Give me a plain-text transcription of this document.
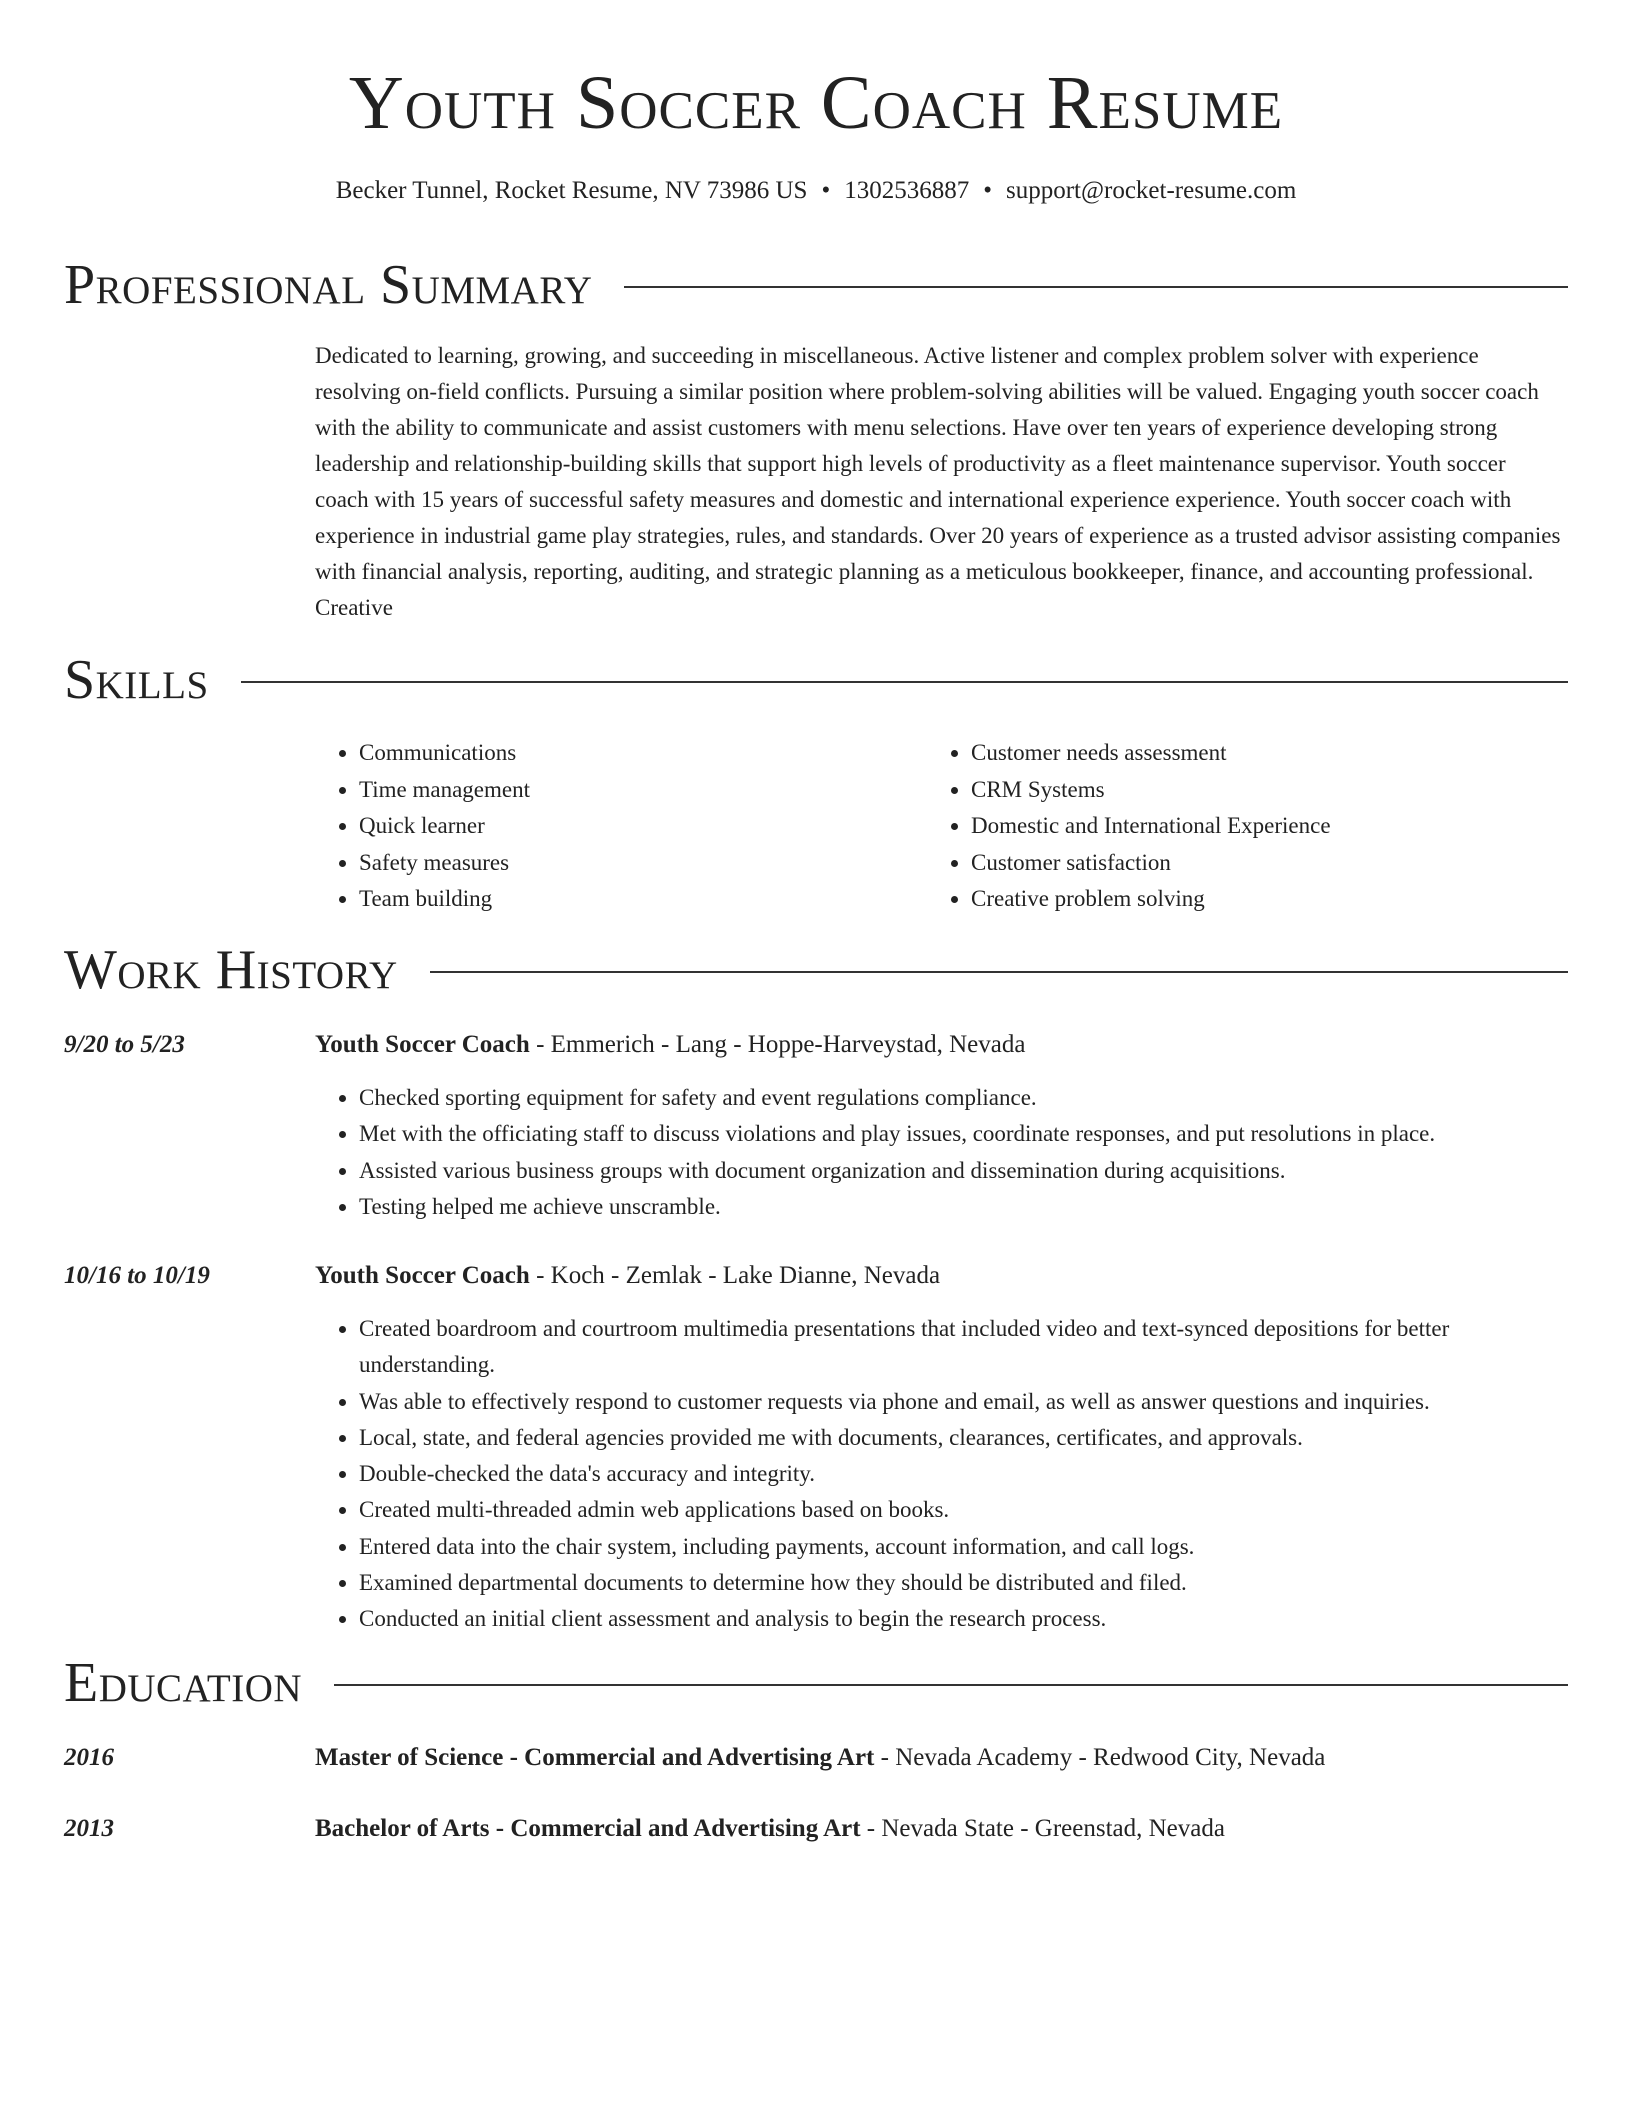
Youth Soccer Coach Resume
Becker Tunnel, Rocket Resume, NV 73986 US • 1302536887 • support@rocket-resume.com
Professional Summary

Dedicated to learning, growing, and succeeding in miscellaneous. Active listener and complex problem solver with experience resolving on-field conflicts. Pursuing a similar position where problem-solving abilities will be valued. Engaging youth soccer coach with the ability to communicate and assist customers with menu selections. Have over ten years of experience developing strong leadership and relationship-building skills that support high levels of productivity as a fleet maintenance supervisor. Youth soccer coach with 15 years of successful safety measures and domestic and international experience experience. Youth soccer coach with experience in industrial game play strategies, rules, and standards. Over 20 years of experience as a trusted advisor assisting companies with financial analysis, reporting, auditing, and strategic planning as a meticulous bookkeeper, finance, and accounting professional. Creative

Skills
• Communications
• Time management
• Quick learner
• Safety measures
• Team building
• Customer needs assessment
• CRM Systems
• Domestic and International Experience
• Customer satisfaction
• Creative problem solving
Work History
9/20 to 5/23	Youth Soccer Coach - Emmerich - Lang - Hoppe-Harveystad, Nevada
• Checked sporting equipment for safety and event regulations compliance.
• Met with the officiating staff to discuss violations and play issues, coordinate responses, and put resolutions in place.
• Assisted various business groups with document organization and dissemination during acquisitions.
• Testing helped me achieve unscramble.
10/16 to 10/19	Youth Soccer Coach - Koch - Zemlak - Lake Dianne, Nevada
• Created boardroom and courtroom multimedia presentations that included video and text-synced depositions for better understanding.
• Was able to effectively respond to customer requests via phone and email, as well as answer questions and inquiries.
• Local, state, and federal agencies provided me with documents, clearances, certificates, and approvals.
• Double-checked the data's accuracy and integrity.
• Created multi-threaded admin web applications based on books.
• Entered data into the chair system, including payments, account information, and call logs.
• Examined departmental documents to determine how they should be distributed and filed.
• Conducted an initial client assessment and analysis to begin the research process.
Education
2016	Master of Science - Commercial and Advertising Art - Nevada Academy - Redwood City, Nevada
2013	Bachelor of Arts - Commercial and Advertising Art - Nevada State - Greenstad, Nevada
